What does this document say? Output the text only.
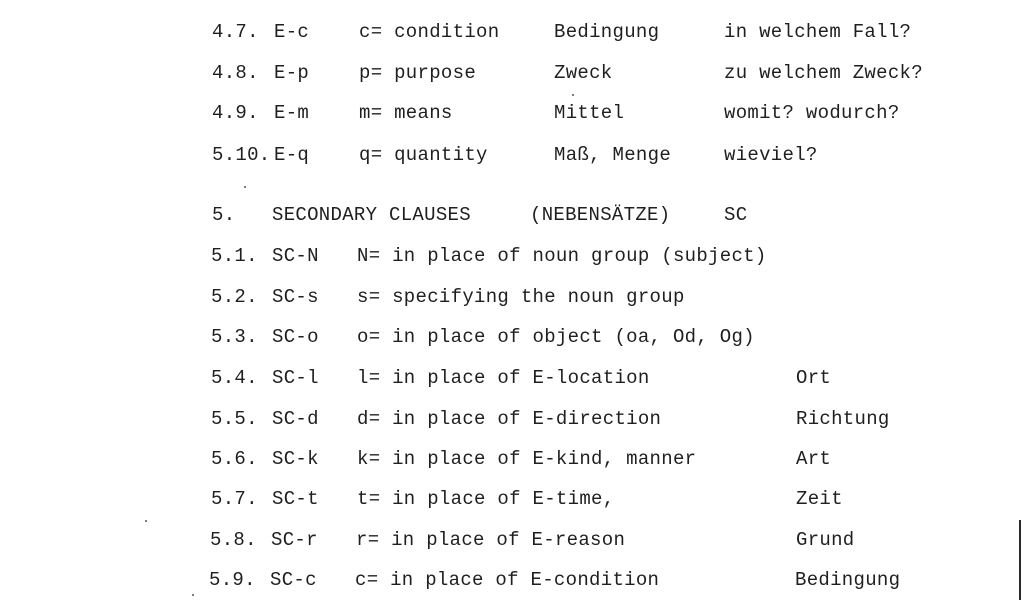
4.7. E-c	c= condition	Bedingung	in welchem Fall?
4.8. E-p	p= purpose	Zweck	zu welchem Zweck?
4.9. E-m	m= means	Mittel	womit? wodurch?
5.10. E-q	q= quantity	Maß, Menge	wieviel?
5. SECONDARY CLAUSES	(NEBENSÄTZE)	SC
5.1. SC-N N= in place of noun group (subject)
5.2. SC-s s= specifying the noun group
5.3. SC-o o= in place of object (oa, Od, Og)
5.4. SC-l l= in place of E-location	Ort
5.5. SC-d d= in place of E-direction	Richtung
5.6. SC-k k= in place of E-kind, manner	Art
5.7. SC-t t= in place of E-time,	Zeit
5.8. SC-r r= in place of E-reason	Grund
5.9. SC-c c= in place of E-condition	Bedingung
